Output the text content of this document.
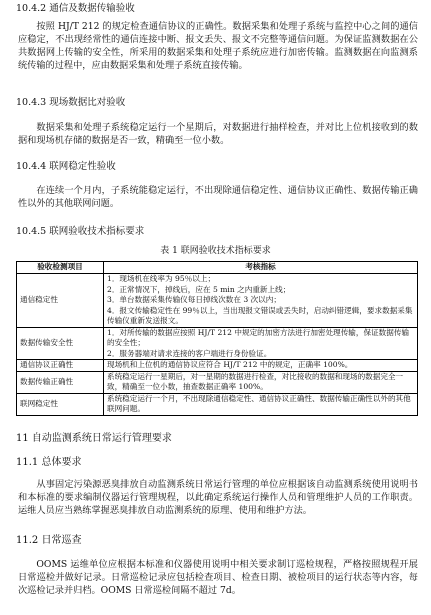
10.4.2 通信及数据传输验收

按照 HJ/T 212 的规定检查通信协议的正确性。数据采集和处理子系统与监控中心之间的通信应稳定，不出现经常性的通信连接中断、报文丢失、报文不完整等通信问题。为保证监测数据在公共数据网上传输的安全性，所采用的数据采集和处理子系统应进行加密传输。监测数据在向监测系统传输的过程中，应由数据采集和处理子系统直接传输。

10.4.3 现场数据比对验收

数据采集和处理子系统稳定运行一个星期后，对数据进行抽样检查，并对比上位机接收到的数据和现场机存储的数据是否一致，精确至一位小数。

10.4.4 联网稳定性验收

在连续一个月内，子系统能稳定运行，不出现除通信稳定性、通信协议正确性、数据传输正确性以外的其他联网问题。

10.4.5 联网验收技术指标要求
表 1 联网验收技术指标要求
验收检测项目	考核指标
通信稳定性	1．现场机在线率为 95％以上；
2．正常情况下，掉线后，应在 5 min 之内重新上线；
3．单台数据采集传输仪每日掉线次数在 3 次以内；
4．报文传输稳定性在 99％以上，当出现报文错误或丢失时，启动纠错逻辑，要求数据采集传输仪重新发送报文。

数据传输安全性	1．对所传输的数据应按照 HJ/T 212 中规定的加密方法进行加密处理传输，保证数据传输的安全性；
2．服务器端对请求连接的客户端进行身份验证。

通信协议正确性	现场机和上位机的通信协议应符合 HJ/T 212 中的规定，正确率 100%。

数据传输正确性	系统稳定运行一星期后，对一星期的数据进行检查，对比接收的数据和现场的数据完全一致，精确至一位小数，抽查数据正确率 100%。

联网稳定性	系统稳定运行一个月，不出现除通信稳定性、通信协议正确性、数据传输正确性以外的其他联网问题。
11 自动监测系统日常运行管理要求
11.1 总体要求

从事固定污染源恶臭排放自动监测系统日常运行管理的单位应根据该自动监测系统使用说明书和本标准的要求编制仪器运行管理规程，以此确定系统运行操作人员和管理维护人员的工作职责。运维人员应当熟练掌握恶臭排放自动监测系统的原理、使用和维护方法。

11.2 日常巡查

OOMS 运维单位应根据本标准和仪器使用说明中相关要求制订巡检规程，严格按照规程开展日常巡检并做好记录。日常巡检记录应包括检查项目、检查日期、被检项目的运行状态等内容，每次巡检记录并归档。OOMS 日常巡检间隔不超过 7d。
